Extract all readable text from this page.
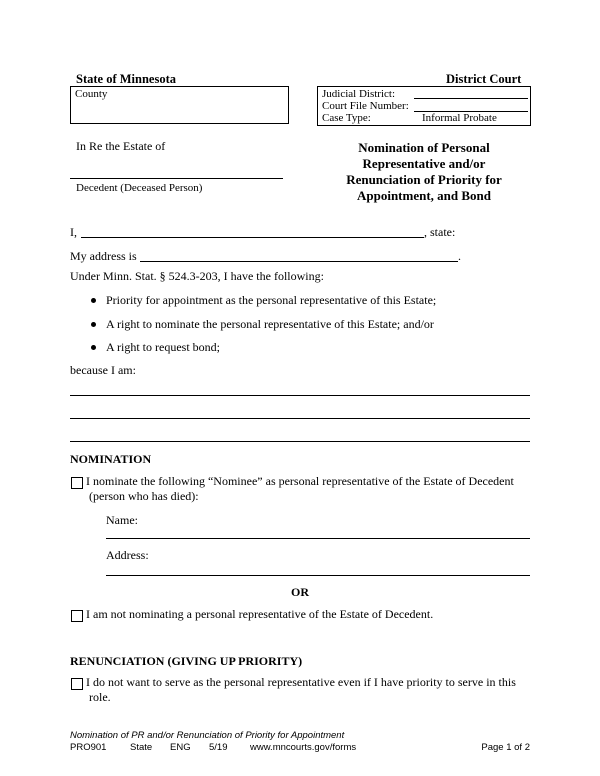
State of Minnesota	District Court
County	Judicial District:
Court File Number:
Case Type:	Informal Probate
In Re the Estate of
Decedent (Deceased Person)
Nomination of Personal
Representative and/or
Renunciation of Priority for
Appointment, and Bond
I,	, state:
My address is	.
Under Minn. Stat. § 524.3-203, I have the following:
Priority for appointment as the personal representative of this Estate;
A right to nominate the personal representative of this Estate; and/or
A right to request bond;
because I am:
NOMINATION
I nominate the following “Nominee” as personal representative of the Estate of Decedent
(person who has died):
Name:
Address:
OR
I am not nominating a personal representative of the Estate of Decedent.
RENUNCIATION (GIVING UP PRIORITY)
I do not want to serve as the personal representative even if I have priority to serve in this
role.
Nomination of PR and/or Renunciation of Priority for Appointment
PRO901 State ENG 5/19 www.mncourts.gov/forms	Page 1 of 2
